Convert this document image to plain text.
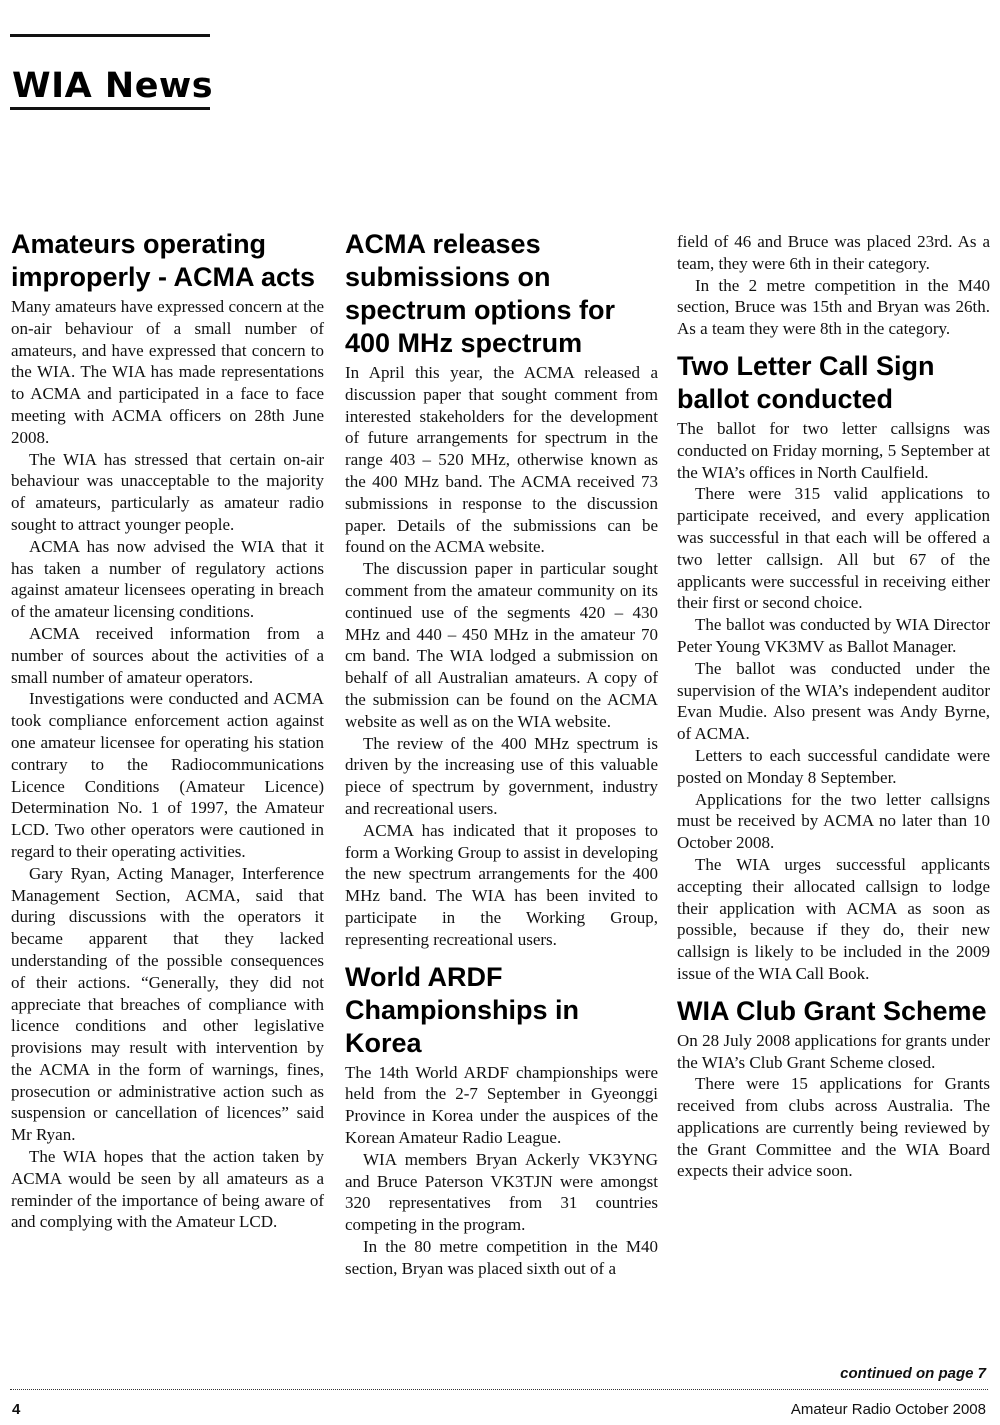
WIA News
Amateurs operating improperly - ACMA acts

Many amateurs have expressed concern at the on-air behaviour of a small number of amateurs, and have expressed that concern to the WIA. The WIA has made representations to ACMA and participated in a face to face meeting with ACMA officers on 28th June 2008.

The WIA has stressed that certain on-air behaviour was unacceptable to the majority of amateurs, particularly as amateur radio sought to attract younger people.

ACMA has now advised the WIA that it has taken a number of regulatory actions against amateur licensees operating in breach of the amateur licensing conditions.

ACMA received information from a number of sources about the activities of a small number of amateur operators.

Investigations were conducted and ACMA took compliance enforcement action against one amateur licensee for operating his station contrary to the Radiocommunications Licence Conditions (Amateur Licence) Determination No. 1 of 1997, the Amateur LCD. Two other operators were cautioned in regard to their operating activities.

Gary Ryan, Acting Manager, Interference Management Section, ACMA, said that during discussions with the operators it became apparent that they lacked understanding of the possible consequences of their actions. “Generally, they did not appreciate that breaches of compliance with licence conditions and other legislative provisions may result with intervention by the ACMA in the form of warnings, fines, prosecution or administrative action such as suspension or cancellation of licences” said Mr Ryan.

The WIA hopes that the action taken by ACMA would be seen by all amateurs as a reminder of the importance of being aware of and complying with the Amateur LCD.

ACMA releases submissions on spectrum options for 400 MHz spectrum

In April this year, the ACMA released a discussion paper that sought comment from interested stakeholders for the development of future arrangements for spectrum in the range 403 – 520 MHz, otherwise known as the 400 MHz band. The ACMA received 73 submissions in response to the discussion paper. Details of the submissions can be found on the ACMA website.

The discussion paper in particular sought comment from the amateur community on its continued use of the segments 420 – 430 MHz and 440 – 450 MHz in the amateur 70 cm band. The WIA lodged a submission on behalf of all Australian amateurs. A copy of the submission can be found on the ACMA website as well as on the WIA website.

The review of the 400 MHz spectrum is driven by the increasing use of this valuable piece of spectrum by government, industry and recreational users.

ACMA has indicated that it proposes to form a Working Group to assist in developing the new spectrum arrangements for the 400 MHz band. The WIA has been invited to participate in the Working Group, representing recreational users.

World ARDF Championships in Korea

The 14th World ARDF championships were held from the 2-7 September in Gyeonggi Province in Korea under the auspices of the Korean Amateur Radio League.

WIA members Bryan Ackerly VK3YNG and Bruce Paterson VK3TJN were amongst 320 representatives from 31 countries competing in the program.

In the 80 metre competition in the M40 section, Bryan was placed sixth out of a

field of 46 and Bruce was placed 23rd. As a team, they were 6th in their category.

In the 2 metre competition in the M40 section, Bruce was 15th and Bryan was 26th. As a team they were 8th in the category.

Two Letter Call Sign ballot conducted

The ballot for two letter callsigns was conducted on Friday morning, 5 September at the WIA’s offices in North Caulfield.

There were 315 valid applications to participate received, and every application was successful in that each will be offered a two letter callsign. All but 67 of the applicants were successful in receiving either their first or second choice.

The ballot was conducted by WIA Director Peter Young VK3MV as Ballot Manager.

The ballot was conducted under the supervision of the WIA’s independent auditor Evan Mudie. Also present was Andy Byrne, of ACMA.

Letters to each successful candidate were posted on Monday 8 September.

Applications for the two letter callsigns must be received by ACMA no later than 10 October 2008.

The WIA urges successful applicants accepting their allocated callsign to lodge their application with ACMA as soon as possible, because if they do, their new callsign is likely to be included in the 2009 issue of the WIA Call Book.

WIA Club Grant Scheme

On 28 July 2008 applications for grants under the WIA’s Club Grant Scheme closed.

There were 15 applications for Grants received from clubs across Australia. The applications are currently being reviewed by the Grant Committee and the WIA Board expects their advice soon.

continued on page 7
4	Amateur Radio October 2008
